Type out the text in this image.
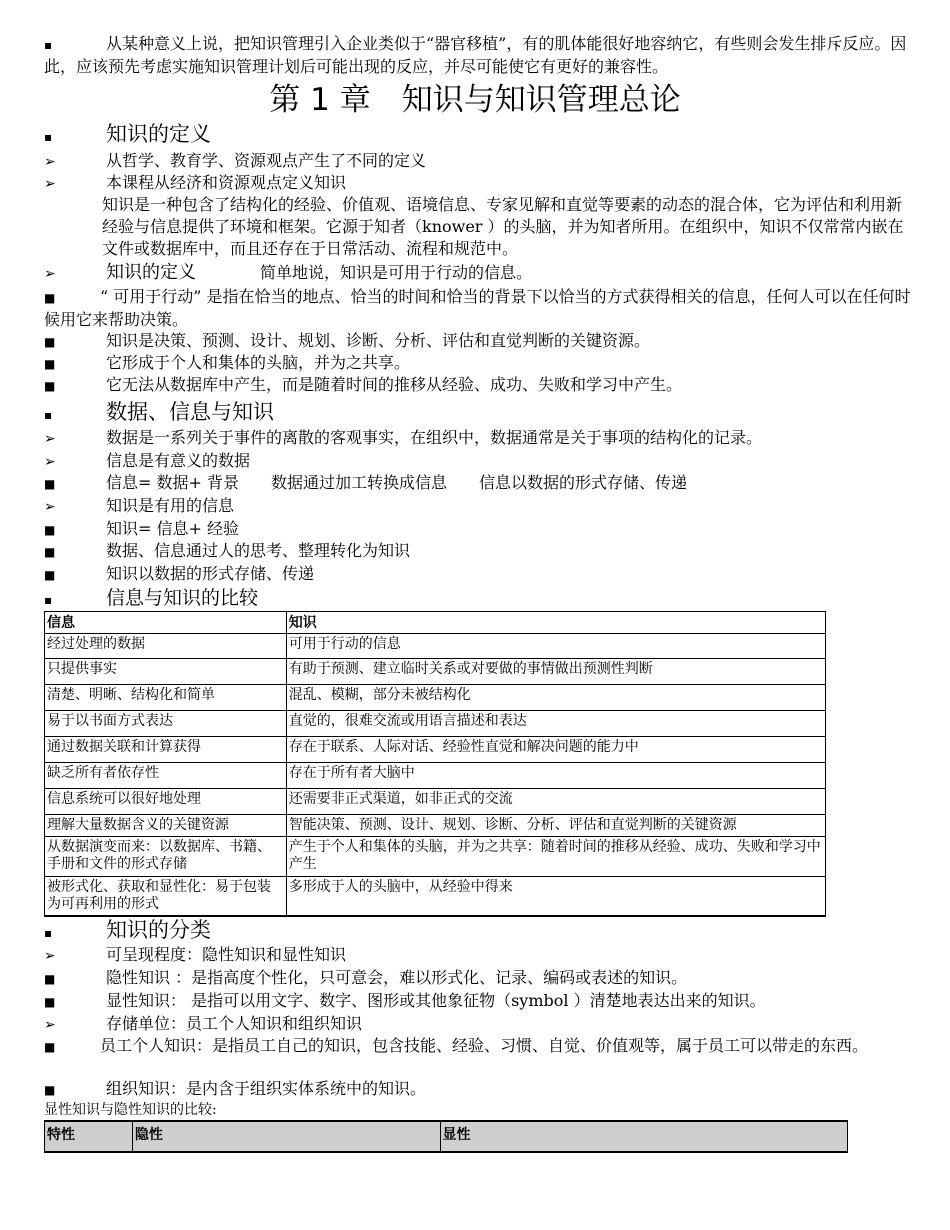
▪	从某种意义上说，把知识管理引入企业类似于“器官移植”，有的肌体能很好地容纳它，有些则会发生排斥反应。因此，应该预先考虑实施知识管理计划后可能出现的反应，并尽可能使它有更好的兼容性。
第 1 章　知识与知识管理总论
▪	知识的定义
➢	从哲学、教育学、资源观点产生了不同的定义
➢	本课程从经济和资源观点定义知识
知识是一种包含了结构化的经验、价值观、语境信息、专家见解和直觉等要素的动态的混合体，它为评估和利用新经验与信息提供了环境和框架。它源于知者（knower ）的头脑，并为知者所用。在组织中，知识不仅常常内嵌在文件或数据库中，而且还存在于日常活动、流程和规范中。
➢	知识的定义	简单地说，知识是可用于行动的信息。
■	“ 可用于行动” 是指在恰当的地点、恰当的时间和恰当的背景下以恰当的方式获得相关的信息，任何人可以在任何时候用它来帮助决策。
■	知识是决策、预测、设计、规划、诊断、分析、评估和直觉判断的关键资源。
■	它形成于个人和集体的头脑，并为之共享。
■	它无法从数据库中产生，而是随着时间的推移从经验、成功、失败和学习中产生。
▪	数据、信息与知识
➢	数据是一系列关于事件的离散的客观事实，在组织中，数据通常是关于事项的结构化的记录。
➢	信息是有意义的数据
■	信息= 数据+ 背景　　数据通过加工转换成信息　　信息以数据的形式存储、传递
➢	知识是有用的信息
■	知识= 信息+ 经验
■	数据、信息通过人的思考、整理转化为知识
■	知识以数据的形式存储、传递
▪	信息与知识的比较
信息	知识
经过处理的数据	可用于行动的信息
只提供事实	有助于预测、建立临时关系或对要做的事情做出预测性判断
清楚、明晰、结构化和简单	混乱、模糊，部分未被结构化
易于以书面方式表达	直觉的，很难交流或用语言描述和表达
通过数据关联和计算获得	存在于联系、人际对话、经验性直觉和解决问题的能力中
缺乏所有者依存性	存在于所有者大脑中
信息系统可以很好地处理	还需要非正式渠道，如非正式的交流
理解大量数据含义的关键资源	智能决策、预测、设计、规划、诊断、分析、评估和直觉判断的关键资源
从数据演变而来：以数据库、书籍、手册和文件的形式存储	产生于个人和集体的头脑，并为之共享：随着时间的推移从经验、成功、失败和学习中产生
被形式化、获取和显性化：易于包装为可再利用的形式	多形成于人的头脑中，从经验中得来
▪	知识的分类
➢	可呈现程度：隐性知识和显性知识
■	隐性知识 ：是指高度个性化，只可意会，难以形式化、记录、编码或表述的知识。
■	显性知识： 是指可以用文字、数字、图形或其他象征物（symbol ）清楚地表达出来的知识。
➢	存储单位：员工个人知识和组织知识
■	员工个人知识：是指员工自己的知识，包含技能、经验、习惯、自觉、价值观等，属于员工可以带走的东西。
■	组织知识：是内含于组织实体系统中的知识。
显性知识与隐性知识的比较:
特性	隐性	显性
